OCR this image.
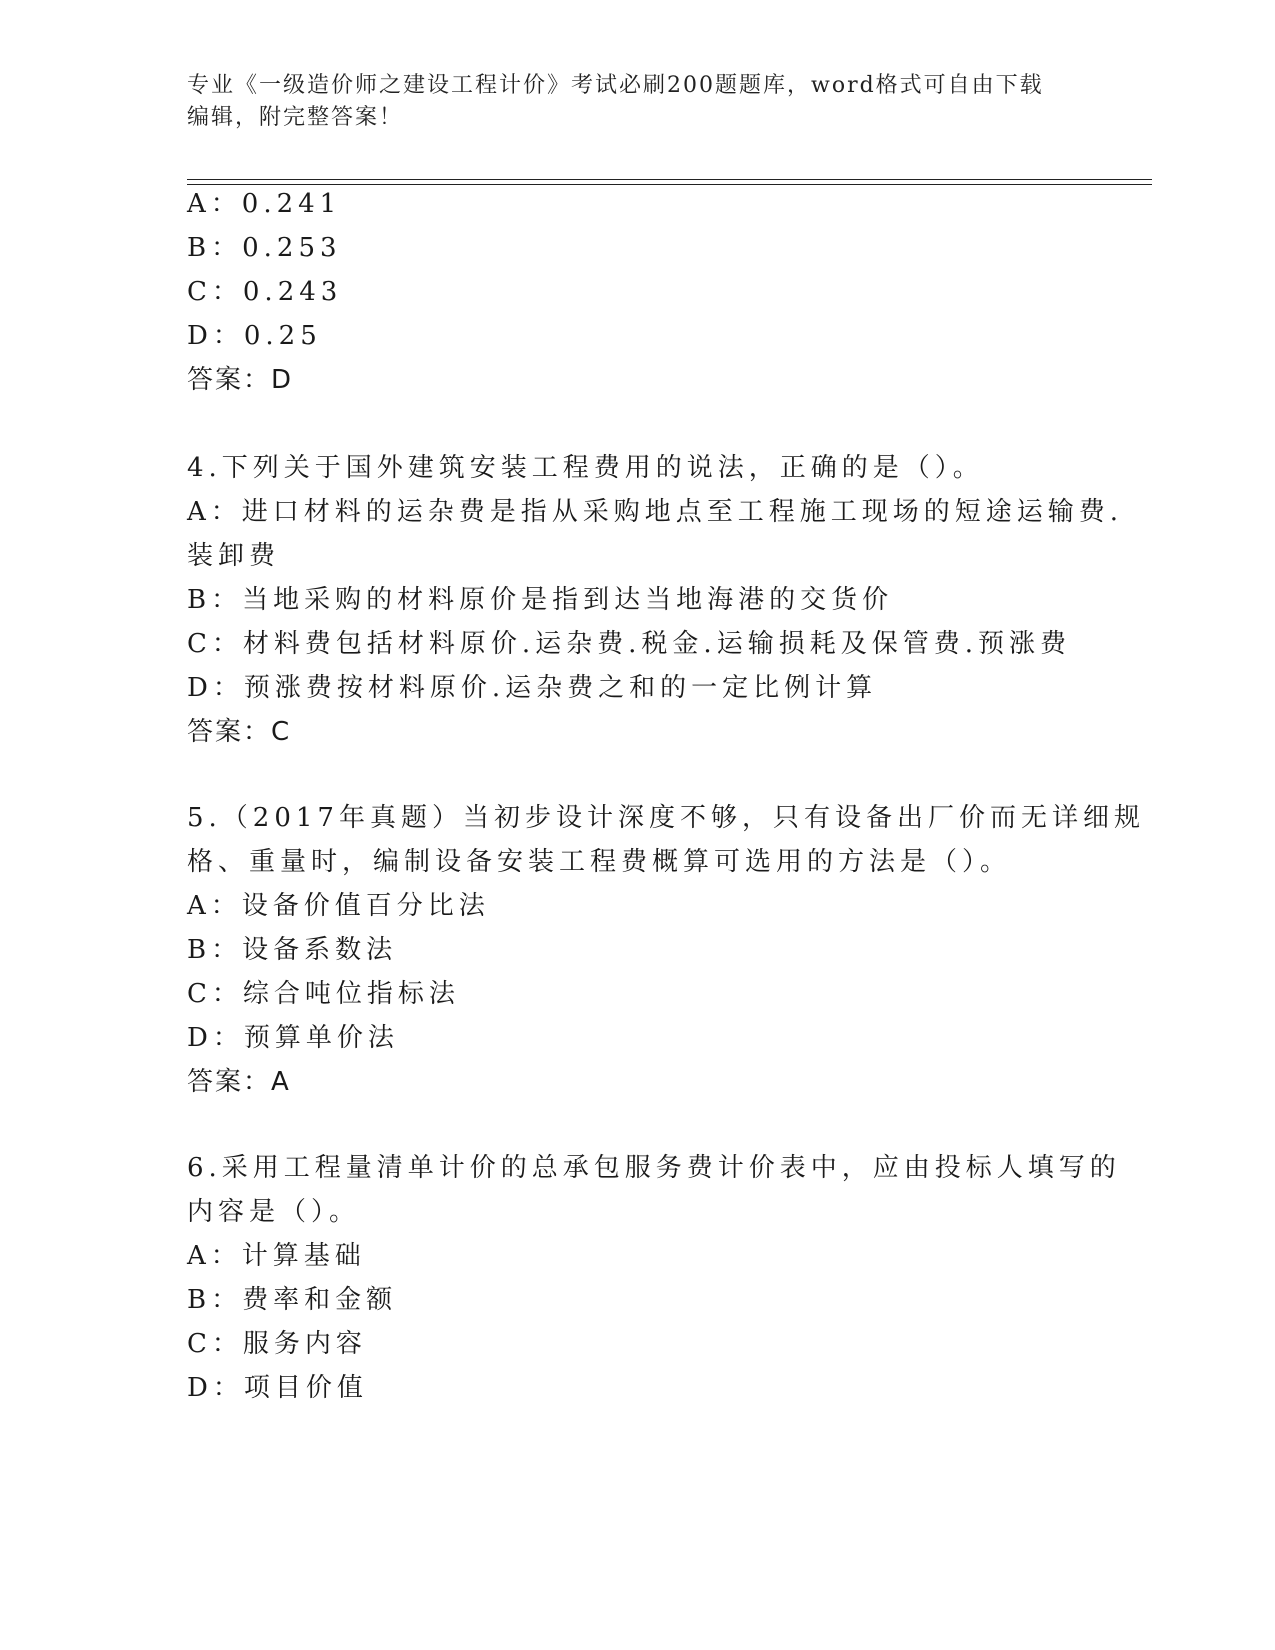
专业《一级造价师之建设工程计价》考试必刷200题题库，word格式可自由下载
编辑，附完整答案！
A：0.241
B：0.253
C：0.243
D：0.25
答案：D
4.下列关于国外建筑安装工程费用的说法，正确的是（）。
A：进口材料的运杂费是指从采购地点至工程施工现场的短途运输费.
装卸费
B：当地采购的材料原价是指到达当地海港的交货价
C：材料费包括材料原价.运杂费.税金.运输损耗及保管费.预涨费
D：预涨费按材料原价.运杂费之和的一定比例计算
答案：C
5.（2017年真题）当初步设计深度不够，只有设备出厂价而无详细规
格、重量时，编制设备安装工程费概算可选用的方法是（）。
A：设备价值百分比法
B：设备系数法
C：综合吨位指标法
D：预算单价法
答案：A
6.采用工程量清单计价的总承包服务费计价表中，应由投标人填写的
内容是（）。
A：计算基础
B：费率和金额
C：服务内容
D：项目价值
